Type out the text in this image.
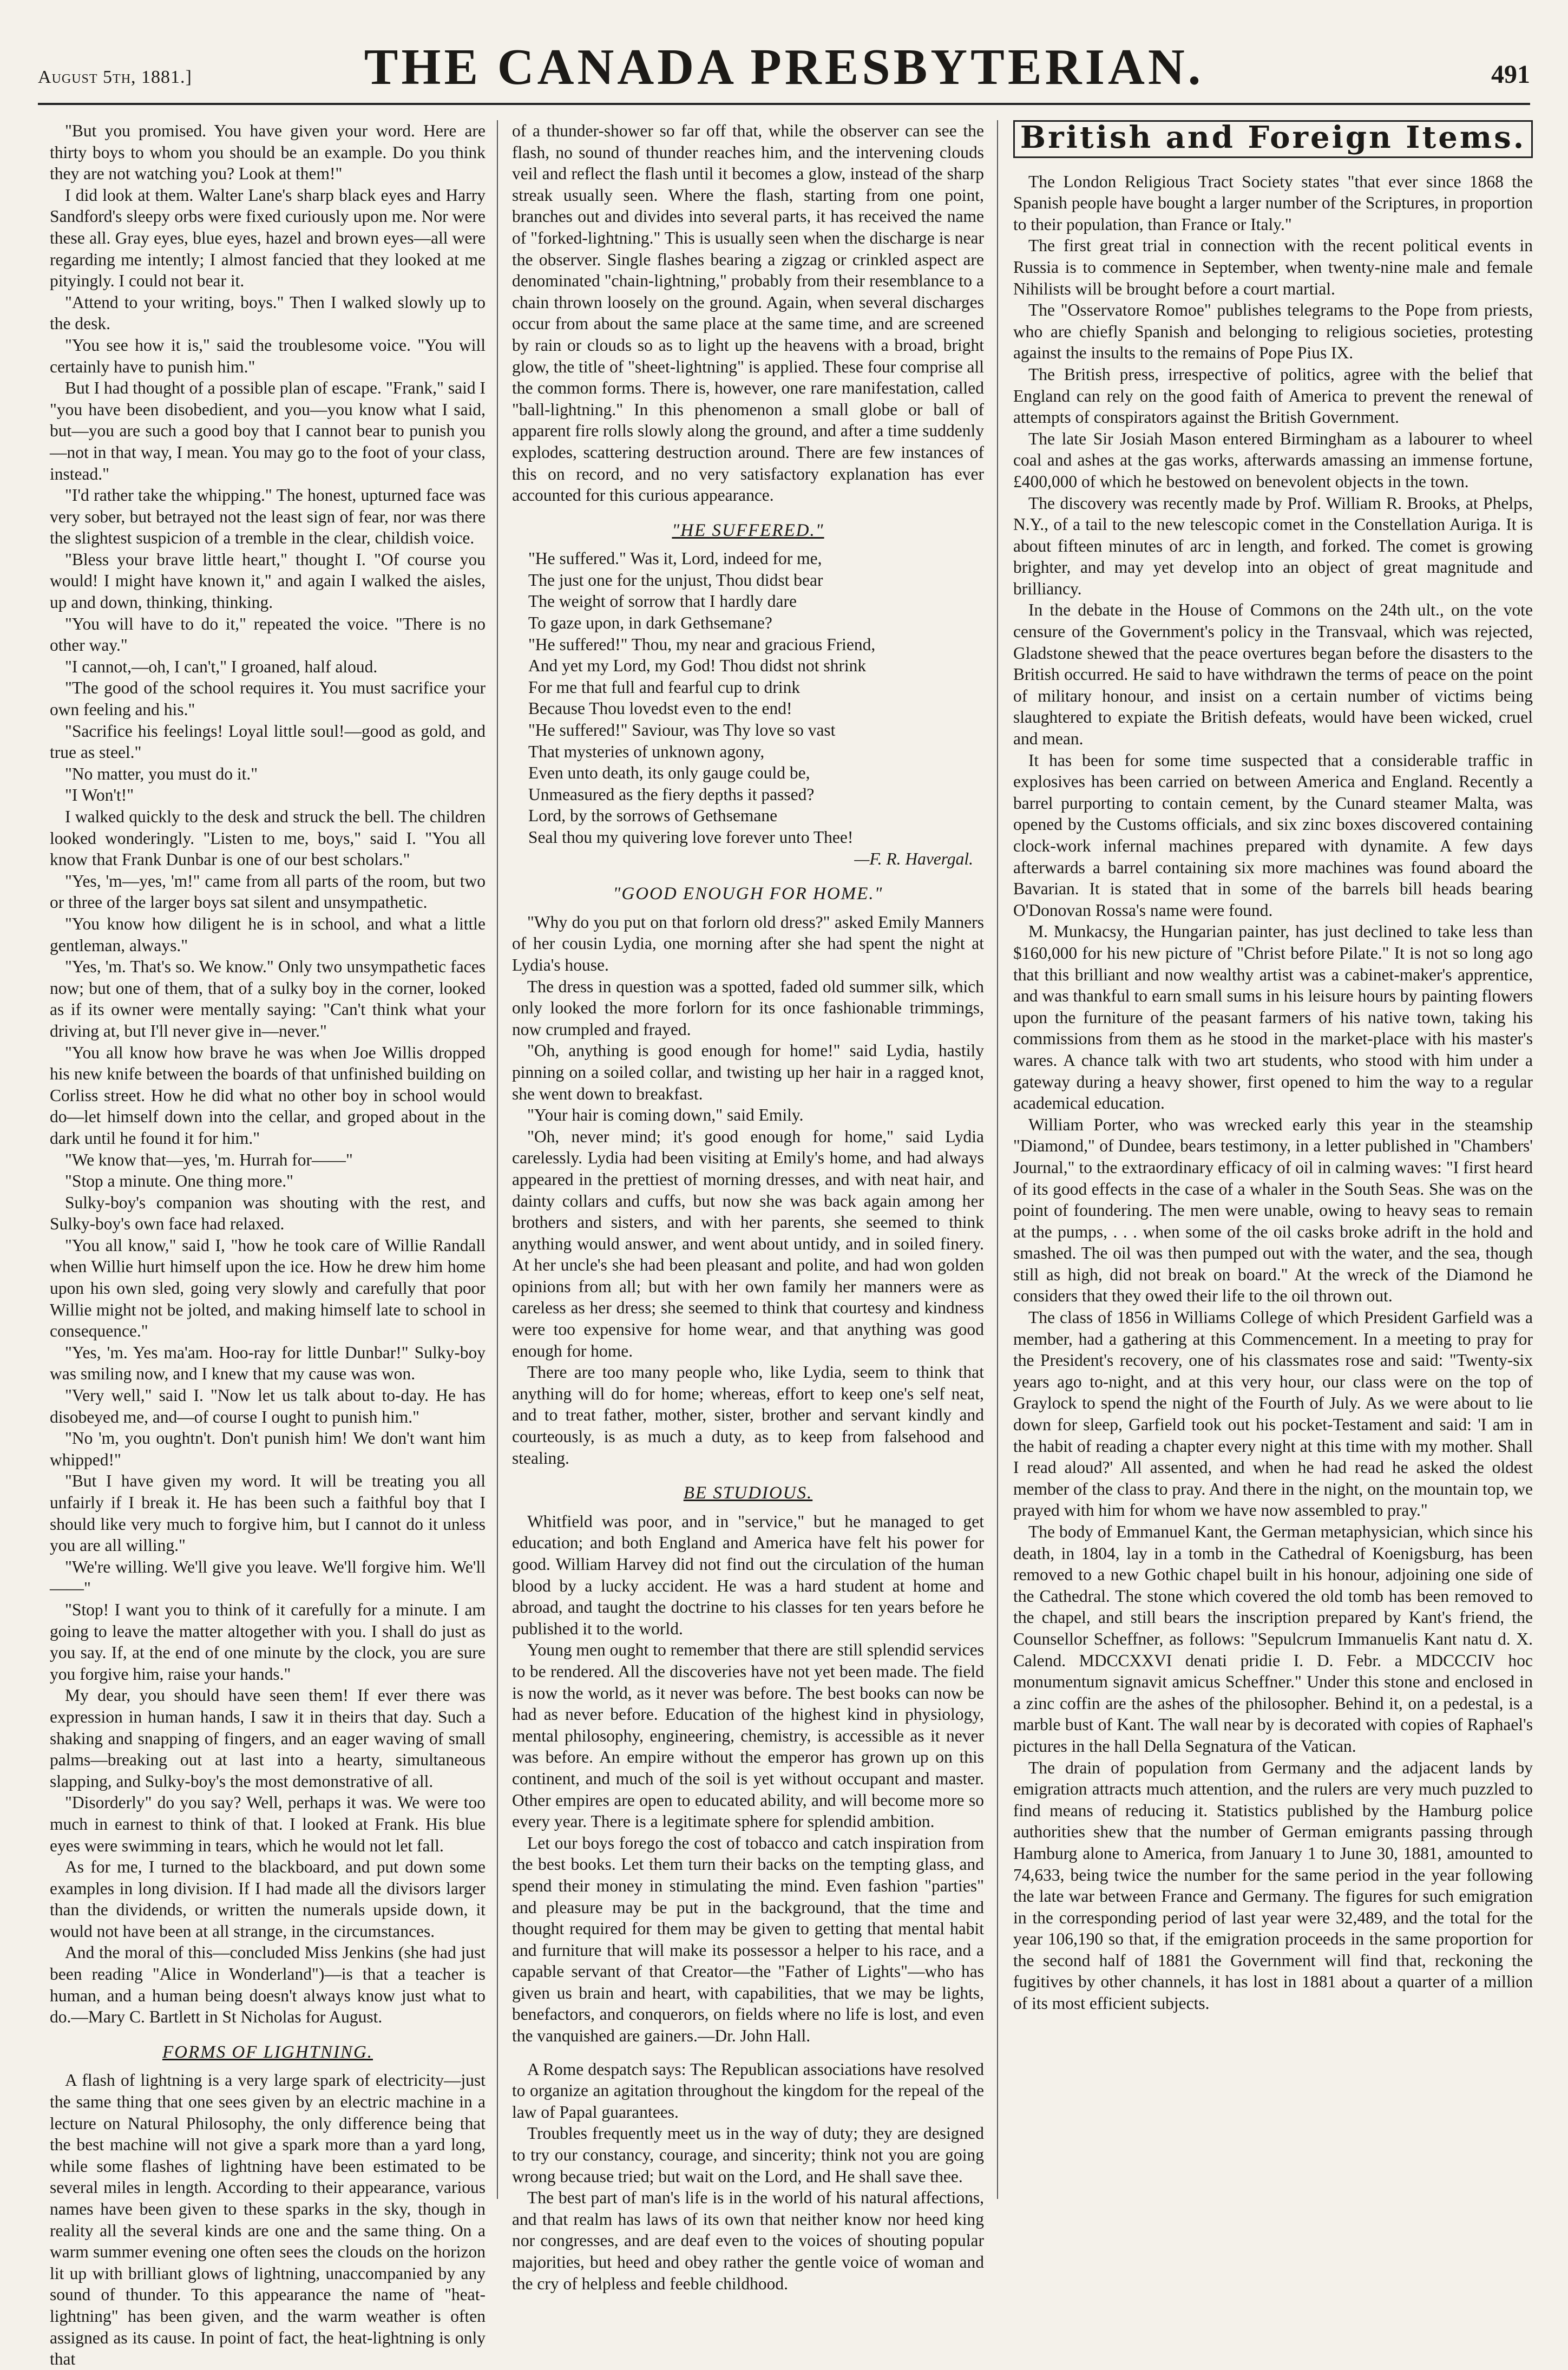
August 5th, 1881.]	THE CANADA PRESBYTERIAN.	491

"But you promised. You have given your word. Here are thirty boys to whom you should be an example. Do you think they are not watching you? Look at them!"

I did look at them. Walter Lane's sharp black eyes and Harry Sandford's sleepy orbs were fixed curiously upon me. Nor were these all. Gray eyes, blue eyes, hazel and brown eyes—all were regarding me intently; I almost fancied that they looked at me pityingly. I could not bear it.

"Attend to your writing, boys." Then I walked slowly up to the desk.

"You see how it is," said the troublesome voice. "You will certainly have to punish him."

But I had thought of a possible plan of escape. "Frank," said I "you have been disobedient, and you—you know what I said, but—you are such a good boy that I cannot bear to punish you—not in that way, I mean. You may go to the foot of your class, instead."

"I'd rather take the whipping." The honest, upturned face was very sober, but betrayed not the least sign of fear, nor was there the slightest suspicion of a tremble in the clear, childish voice.

"Bless your brave little heart," thought I. "Of course you would! I might have known it," and again I walked the aisles, up and down, thinking, thinking.

"You will have to do it," repeated the voice. "There is no other way."

"I cannot,—oh, I can't," I groaned, half aloud.

"The good of the school requires it. You must sacrifice your own feeling and his."

"Sacrifice his feelings! Loyal little soul!—good as gold, and true as steel."

"No matter, you must do it."

"I Won't!"

I walked quickly to the desk and struck the bell. The children looked wonderingly. "Listen to me, boys," said I. "You all know that Frank Dunbar is one of our best scholars."

"Yes, 'm—yes, 'm!" came from all parts of the room, but two or three of the larger boys sat silent and unsympathetic.

"You know how diligent he is in school, and what a little gentleman, always."

"Yes, 'm. That's so. We know." Only two unsympathetic faces now; but one of them, that of a sulky boy in the corner, looked as if its owner were mentally saying: "Can't think what your driving at, but I'll never give in—never."

"You all know how brave he was when Joe Willis dropped his new knife between the boards of that unfinished building on Corliss street. How he did what no other boy in school would do—let himself down into the cellar, and groped about in the dark until he found it for him."

"We know that—yes, 'm. Hurrah for——"

"Stop a minute. One thing more."

Sulky-boy's companion was shouting with the rest, and Sulky-boy's own face had relaxed.

"You all know," said I, "how he took care of Willie Randall when Willie hurt himself upon the ice. How he drew him home upon his own sled, going very slowly and carefully that poor Willie might not be jolted, and making himself late to school in consequence."

"Yes, 'm. Yes ma'am. Hoo-ray for little Dunbar!" Sulky-boy was smiling now, and I knew that my cause was won.

"Very well," said I. "Now let us talk about to-day. He has disobeyed me, and—of course I ought to punish him."

"No 'm, you oughtn't. Don't punish him! We don't want him whipped!"

"But I have given my word. It will be treating you all unfairly if I break it. He has been such a faithful boy that I should like very much to forgive him, but I cannot do it unless you are all willing."

"We're willing. We'll give you leave. We'll forgive him. We'll——"

"Stop! I want you to think of it carefully for a minute. I am going to leave the matter altogether with you. I shall do just as you say. If, at the end of one minute by the clock, you are sure you forgive him, raise your hands."

My dear, you should have seen them! If ever there was expression in human hands, I saw it in theirs that day. Such a shaking and snapping of fingers, and an eager waving of small palms—breaking out at last into a hearty, simultaneous slapping, and Sulky-boy's the most demonstrative of all.

"Disorderly" do you say? Well, perhaps it was. We were too much in earnest to think of that. I looked at Frank. His blue eyes were swimming in tears, which he would not let fall.

As for me, I turned to the blackboard, and put down some examples in long division. If I had made all the divisors larger than the dividends, or written the numerals upside down, it would not have been at all strange, in the circumstances.

And the moral of this—concluded Miss Jenkins (she had just been reading "Alice in Wonderland")—is that a teacher is human, and a human being doesn't always know just what to do.—Mary C. Bartlett in St Nicholas for August.

FORMS OF LIGHTNING.

A flash of lightning is a very large spark of electricity—just the same thing that one sees given by an electric machine in a lecture on Natural Philosophy, the only difference being that the best machine will not give a spark more than a yard long, while some flashes of lightning have been estimated to be several miles in length. According to their appearance, various names have been given to these sparks in the sky, though in reality all the several kinds are one and the same thing. On a warm summer evening one often sees the clouds on the horizon lit up with brilliant glows of lightning, unaccompanied by any sound of thunder. To this appearance the name of "heat-lightning" has been given, and the warm weather is often assigned as its cause. In point of fact, the heat-lightning is only that

of a thunder-shower so far off that, while the observer can see the flash, no sound of thunder reaches him, and the intervening clouds veil and reflect the flash until it becomes a glow, instead of the sharp streak usually seen. Where the flash, starting from one point, branches out and divides into several parts, it has received the name of "forked-lightning." This is usually seen when the discharge is near the observer. Single flashes bearing a zigzag or crinkled aspect are denominated "chain-lightning," probably from their resemblance to a chain thrown loosely on the ground. Again, when several discharges occur from about the same place at the same time, and are screened by rain or clouds so as to light up the heavens with a broad, bright glow, the title of "sheet-lightning" is applied. These four comprise all the common forms. There is, however, one rare manifestation, called "ball-lightning." In this phenomenon a small globe or ball of apparent fire rolls slowly along the ground, and after a time suddenly explodes, scattering destruction around. There are few instances of this on record, and no very satisfactory explanation has ever accounted for this curious appearance.

"HE SUFFERED."
"He suffered." Was it, Lord, indeed for me,
The just one for the unjust, Thou didst bear
The weight of sorrow that I hardly dare
To gaze upon, in dark Gethsemane?
"He suffered!" Thou, my near and gracious Friend,
And yet my Lord, my God! Thou didst not shrink
For me that full and fearful cup to drink
Because Thou lovedst even to the end!
"He suffered!" Saviour, was Thy love so vast
That mysteries of unknown agony,
Even unto death, its only gauge could be,
Unmeasured as the fiery depths it passed?
Lord, by the sorrows of Gethsemane
Seal thou my quivering love forever unto Thee!
—F. R. Havergal.
"GOOD ENOUGH FOR HOME."

"Why do you put on that forlorn old dress?" asked Emily Manners of her cousin Lydia, one morning after she had spent the night at Lydia's house.

The dress in question was a spotted, faded old summer silk, which only looked the more forlorn for its once fashionable trimmings, now crumpled and frayed.

"Oh, anything is good enough for home!" said Lydia, hastily pinning on a soiled collar, and twisting up her hair in a ragged knot, she went down to breakfast.

"Your hair is coming down," said Emily.

"Oh, never mind; it's good enough for home," said Lydia carelessly. Lydia had been visiting at Emily's home, and had always appeared in the prettiest of morning dresses, and with neat hair, and dainty collars and cuffs, but now she was back again among her brothers and sisters, and with her parents, she seemed to think anything would answer, and went about untidy, and in soiled finery. At her uncle's she had been pleasant and polite, and had won golden opinions from all; but with her own family her manners were as careless as her dress; she seemed to think that courtesy and kindness were too expensive for home wear, and that anything was good enough for home.

There are too many people who, like Lydia, seem to think that anything will do for home; whereas, effort to keep one's self neat, and to treat father, mother, sister, brother and servant kindly and courteously, is as much a duty, as to keep from falsehood and stealing.

BE STUDIOUS.

Whitfield was poor, and in "service," but he managed to get education; and both England and America have felt his power for good. William Harvey did not find out the circulation of the human blood by a lucky accident. He was a hard student at home and abroad, and taught the doctrine to his classes for ten years before he published it to the world.

Young men ought to remember that there are still splendid services to be rendered. All the discoveries have not yet been made. The field is now the world, as it never was before. The best books can now be had as never before. Education of the highest kind in physiology, mental philosophy, engineering, chemistry, is accessible as it never was before. An empire without the emperor has grown up on this continent, and much of the soil is yet without occupant and master. Other empires are open to educated ability, and will become more so every year. There is a legitimate sphere for splendid ambition.

Let our boys forego the cost of tobacco and catch inspiration from the best books. Let them turn their backs on the tempting glass, and spend their money in stimulating the mind. Even fashion "parties" and pleasure may be put in the background, that the time and thought required for them may be given to getting that mental habit and furniture that will make its possessor a helper to his race, and a capable servant of that Creator—the "Father of Lights"—who has given us brain and heart, with capabilities, that we may be lights, benefactors, and conquerors, on fields where no life is lost, and even the vanquished are gainers.—Dr. John Hall.

A Rome despatch says: The Republican associations have resolved to organize an agitation throughout the kingdom for the repeal of the law of Papal guarantees.

Troubles frequently meet us in the way of duty; they are designed to try our constancy, courage, and sincerity; think not you are going wrong because tried; but wait on the Lord, and He shall save thee.

The best part of man's life is in the world of his natural affections, and that realm has laws of its own that neither know nor heed king nor congresses, and are deaf even to the voices of shouting popular majorities, but heed and obey rather the gentle voice of woman and the cry of helpless and feeble childhood.

British and Foreign Items.

The London Religious Tract Society states "that ever since 1868 the Spanish people have bought a larger number of the Scriptures, in proportion to their population, than France or Italy."

The first great trial in connection with the recent political events in Russia is to commence in September, when twenty-nine male and female Nihilists will be brought before a court martial.

The "Osservatore Romoe" publishes telegrams to the Pope from priests, who are chiefly Spanish and belonging to religious societies, protesting against the insults to the remains of Pope Pius IX.

The British press, irrespective of politics, agree with the belief that England can rely on the good faith of America to prevent the renewal of attempts of conspirators against the British Government.

The late Sir Josiah Mason entered Birmingham as a labourer to wheel coal and ashes at the gas works, afterwards amassing an immense fortune, £400,000 of which he bestowed on benevolent objects in the town.

The discovery was recently made by Prof. William R. Brooks, at Phelps, N.Y., of a tail to the new telescopic comet in the Constellation Auriga. It is about fifteen minutes of arc in length, and forked. The comet is growing brighter, and may yet develop into an object of great magnitude and brilliancy.

In the debate in the House of Commons on the 24th ult., on the vote censure of the Government's policy in the Transvaal, which was rejected, Gladstone shewed that the peace overtures began before the disasters to the British occurred. He said to have withdrawn the terms of peace on the point of military honour, and insist on a certain number of victims being slaughtered to expiate the British defeats, would have been wicked, cruel and mean.

It has been for some time suspected that a considerable traffic in explosives has been carried on between America and England. Recently a barrel purporting to contain cement, by the Cunard steamer Malta, was opened by the Customs officials, and six zinc boxes discovered containing clock-work infernal machines prepared with dynamite. A few days afterwards a barrel containing six more machines was found aboard the Bavarian. It is stated that in some of the barrels bill heads bearing O'Donovan Rossa's name were found.

M. Munkacsy, the Hungarian painter, has just declined to take less than $160,000 for his new picture of "Christ before Pilate." It is not so long ago that this brilliant and now wealthy artist was a cabinet-maker's apprentice, and was thankful to earn small sums in his leisure hours by painting flowers upon the furniture of the peasant farmers of his native town, taking his commissions from them as he stood in the market-place with his master's wares. A chance talk with two art students, who stood with him under a gateway during a heavy shower, first opened to him the way to a regular academical education.

William Porter, who was wrecked early this year in the steamship "Diamond," of Dundee, bears testimony, in a letter published in "Chambers' Journal," to the extraordinary efficacy of oil in calming waves: "I first heard of its good effects in the case of a whaler in the South Seas. She was on the point of foundering. The men were unable, owing to heavy seas to remain at the pumps, . . . when some of the oil casks broke adrift in the hold and smashed. The oil was then pumped out with the water, and the sea, though still as high, did not break on board." At the wreck of the Diamond he considers that they owed their life to the oil thrown out.

The class of 1856 in Williams College of which President Garfield was a member, had a gathering at this Commencement. In a meeting to pray for the President's recovery, one of his classmates rose and said: "Twenty-six years ago to-night, and at this very hour, our class were on the top of Graylock to spend the night of the Fourth of July. As we were about to lie down for sleep, Garfield took out his pocket-Testament and said: 'I am in the habit of reading a chapter every night at this time with my mother. Shall I read aloud?' All assented, and when he had read he asked the oldest member of the class to pray. And there in the night, on the mountain top, we prayed with him for whom we have now assembled to pray."

The body of Emmanuel Kant, the German metaphysician, which since his death, in 1804, lay in a tomb in the Cathedral of Koenigsburg, has been removed to a new Gothic chapel built in his honour, adjoining one side of the Cathedral. The stone which covered the old tomb has been removed to the chapel, and still bears the inscription prepared by Kant's friend, the Counsellor Scheffner, as follows: "Sepulcrum Immanuelis Kant natu d. X. Calend. MDCCXXVI denati pridie I. D. Febr. a MDCCCIV hoc monumentum signavit amicus Scheffner." Under this stone and enclosed in a zinc coffin are the ashes of the philosopher. Behind it, on a pedestal, is a marble bust of Kant. The wall near by is decorated with copies of Raphael's pictures in the hall Della Segnatura of the Vatican.

The drain of population from Germany and the adjacent lands by emigration attracts much attention, and the rulers are very much puzzled to find means of reducing it. Statistics published by the Hamburg police authorities shew that the number of German emigrants passing through Hamburg alone to America, from January 1 to June 30, 1881, amounted to 74,633, being twice the number for the same period in the year following the late war between France and Germany. The figures for such emigration in the corresponding period of last year were 32,489, and the total for the year 106,190 so that, if the emigration proceeds in the same proportion for the second half of 1881 the Government will find that, reckoning the fugitives by other channels, it has lost in 1881 about a quarter of a million of its most efficient subjects.
